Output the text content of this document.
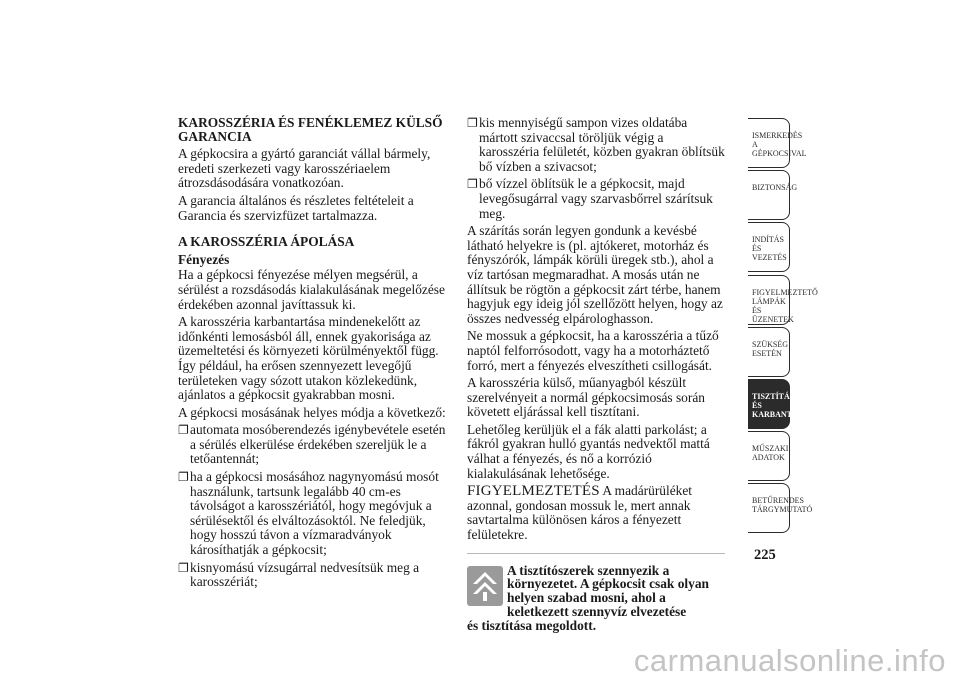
KAROSSZÉRIA ÉS FENÉKLEMEZ KÜLSŐ GARANCIA

A gépkocsira a gyártó garanciát vállal bármely, eredeti szerkezeti vagy karosszériaelem átrozsdásodására vonatkozóan.

A garancia általános és részletes feltételeit a Garancia és szervizfüzet tartalmazza.

A KAROSSZÉRIA ÁPOLÁSA
Fényezés

Ha a gépkocsi fényezése mélyen megsérül, a sérülést a rozsdásodás kialakulásának megelőzése érdekében azonnal javíttassuk ki.

A karosszéria karbantartása mindenekelőtt az időnkénti lemosásból áll, ennek gyakorisága az üzemeltetési és környezeti körülményektől függ. Így például, ha erősen szennyezett levegőjű területeken vagy sózott utakon közlekedünk, ajánlatos a gépkocsit gyakrabban mosni.

A gépkocsi mosásának helyes módja a következő:

❐ automata mosóberendezés igénybevétele esetén a sérülés elkerülése érdekében szereljük le a tetőantennát;
❐ ha a gépkocsi mosásához nagynyomású mosót használunk, tartsunk legalább 40 cm-es távolságot a karosszériától, hogy megóvjuk a sérülésektől és elváltozásoktól. Ne feledjük, hogy hosszú távon a vízmaradványok károsíthatják a gépkocsit;
❐ kisnyomású vízsugárral nedvesítsük meg a karosszériát;
❐ kis mennyiségű sampon vizes oldatába mártott szivaccsal töröljük végig a karosszéria felületét, közben gyakran öblítsük bő vízben a szivacsot;
❐ bő vízzel öblítsük le a gépkocsit, majd levegősugárral vagy szarvasbőrrel szárítsuk meg.

A szárítás során legyen gondunk a kevésbé látható helyekre is (pl. ajtókeret, motorház és fényszórók, lámpák körüli üregek stb.), ahol a víz tartósan megmaradhat. A mosás után ne állítsuk be rögtön a gépkocsit zárt térbe, hanem hagyjuk egy ideig jól szellőzött helyen, hogy az összes nedvesség elpárologhasson.

Ne mossuk a gépkocsit, ha a karosszéria a tűző naptól felforrósodott, vagy ha a motorháztető forró, mert a fényezés elveszítheti csillogását.

A karosszéria külső, műanyagból készült szerelvényeit a normál gépkocsimosás során követett eljárással kell tisztítani.

Lehetőleg kerüljük el a fák alatti parkolást; a fákról gyakran hulló gyantás nedvektől mattá válhat a fényezés, és nő a korrózió kialakulásának lehetősége.

FIGYELMEZTETÉS A madárürüléket azonnal, gondosan mossuk le, mert annak savtartalma különösen káros a fényezett felületekre.

A tisztítószerek szennyezik a környezetet. A gépkocsit csak olyan helyen szabad mosni, ahol a keletkezett szennyvíz elvezetése
és tisztítása megoldott.
ISMERKEDÉS A GÉPKOCSIVAL
BIZTONSÁG
INDÍTÁS ÉS VEZETÉS
FIGYELMEZTETŐ LÁMPÁK ÉS ÜZENETEK
SZÜKSÉG ESETÉN
TISZTÍTÁS ÉS KARBANTARTÁS
MŰSZAKI ADATOK
BETŰRENDES TÁRGYMUTATÓ
225
carmanualsonline.info
